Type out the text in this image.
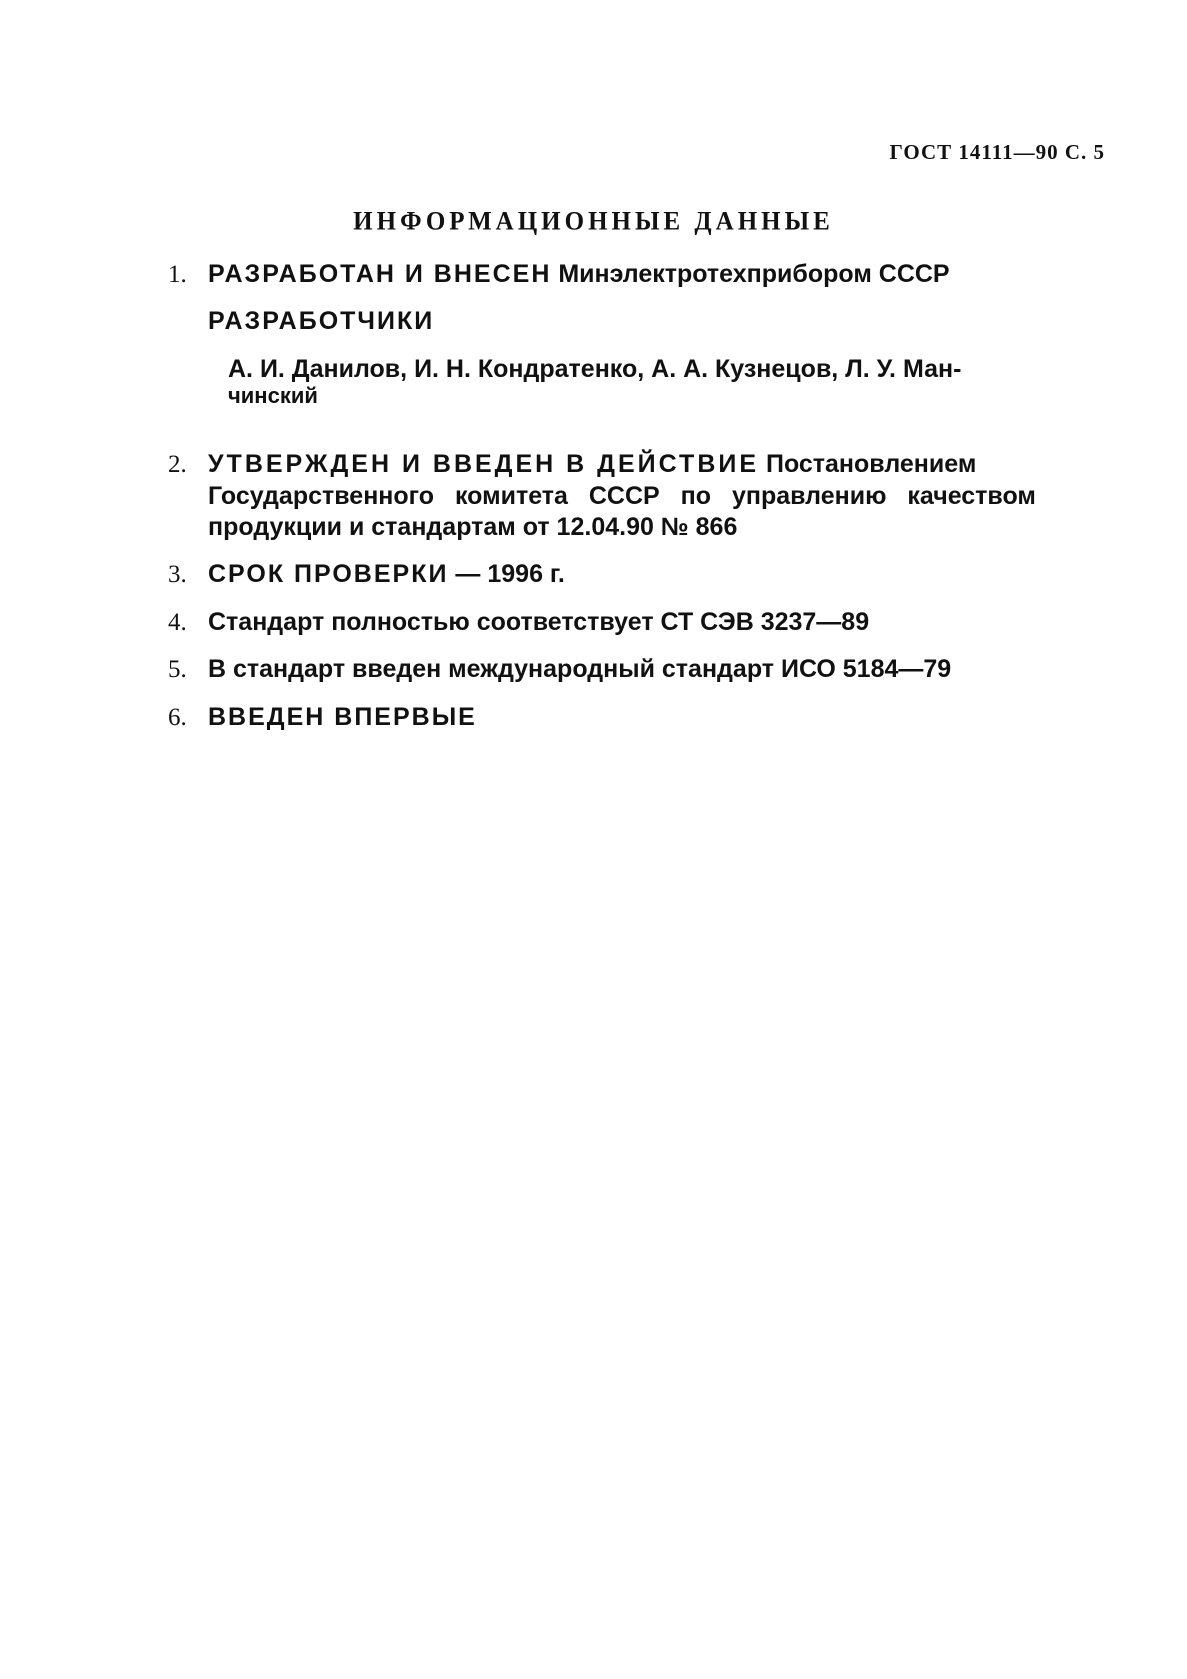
ГОСТ 14111—90 С. 5
ИНФОРМАЦИОННЫЕ ДАННЫЕ
1. РАЗРАБОТАН И ВНЕСЕН Минэлектротехприбором СССР
РАЗРАБОТЧИКИ
А. И. Данилов, И. Н. Кондратенко, А. А. Кузнецов, Л. У. Ман-
чинский
2. УТВЕРЖДЕН И ВВЕДЕН В ДЕЙСТВИЕ Постановлением
Государственного комитета СССР по управлению качеством
продукции и стандартам от 12.04.90 № 866
3. СРОК ПРОВЕРКИ — 1996 г.
4. Стандарт полностью соответствует СТ СЭВ 3237—89
5. В стандарт введен международный стандарт ИСО 5184—79
6. ВВЕДЕН ВПЕРВЫЕ
